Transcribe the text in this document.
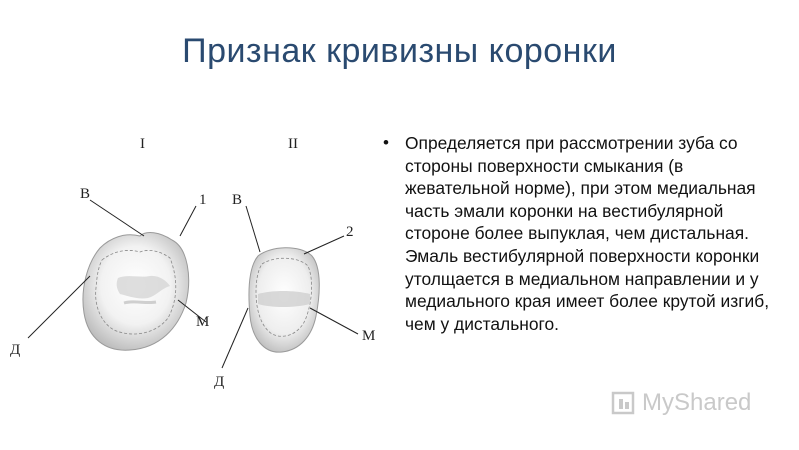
Признак кривизны коронки
I	II
В	1
М
Д
В
2
М
Д
• Определяется при рассмотрении зуба со стороны поверхности смыкания (в жевательной норме), при этом медиальная часть эмали коронки на вестибулярной стороне более выпуклая, чем дистальная. Эмаль вестибулярной поверхности коронки утолщается в медиальном направлении и у медиального края имеет более крутой изгиб, чем у дистального.
MyShared
